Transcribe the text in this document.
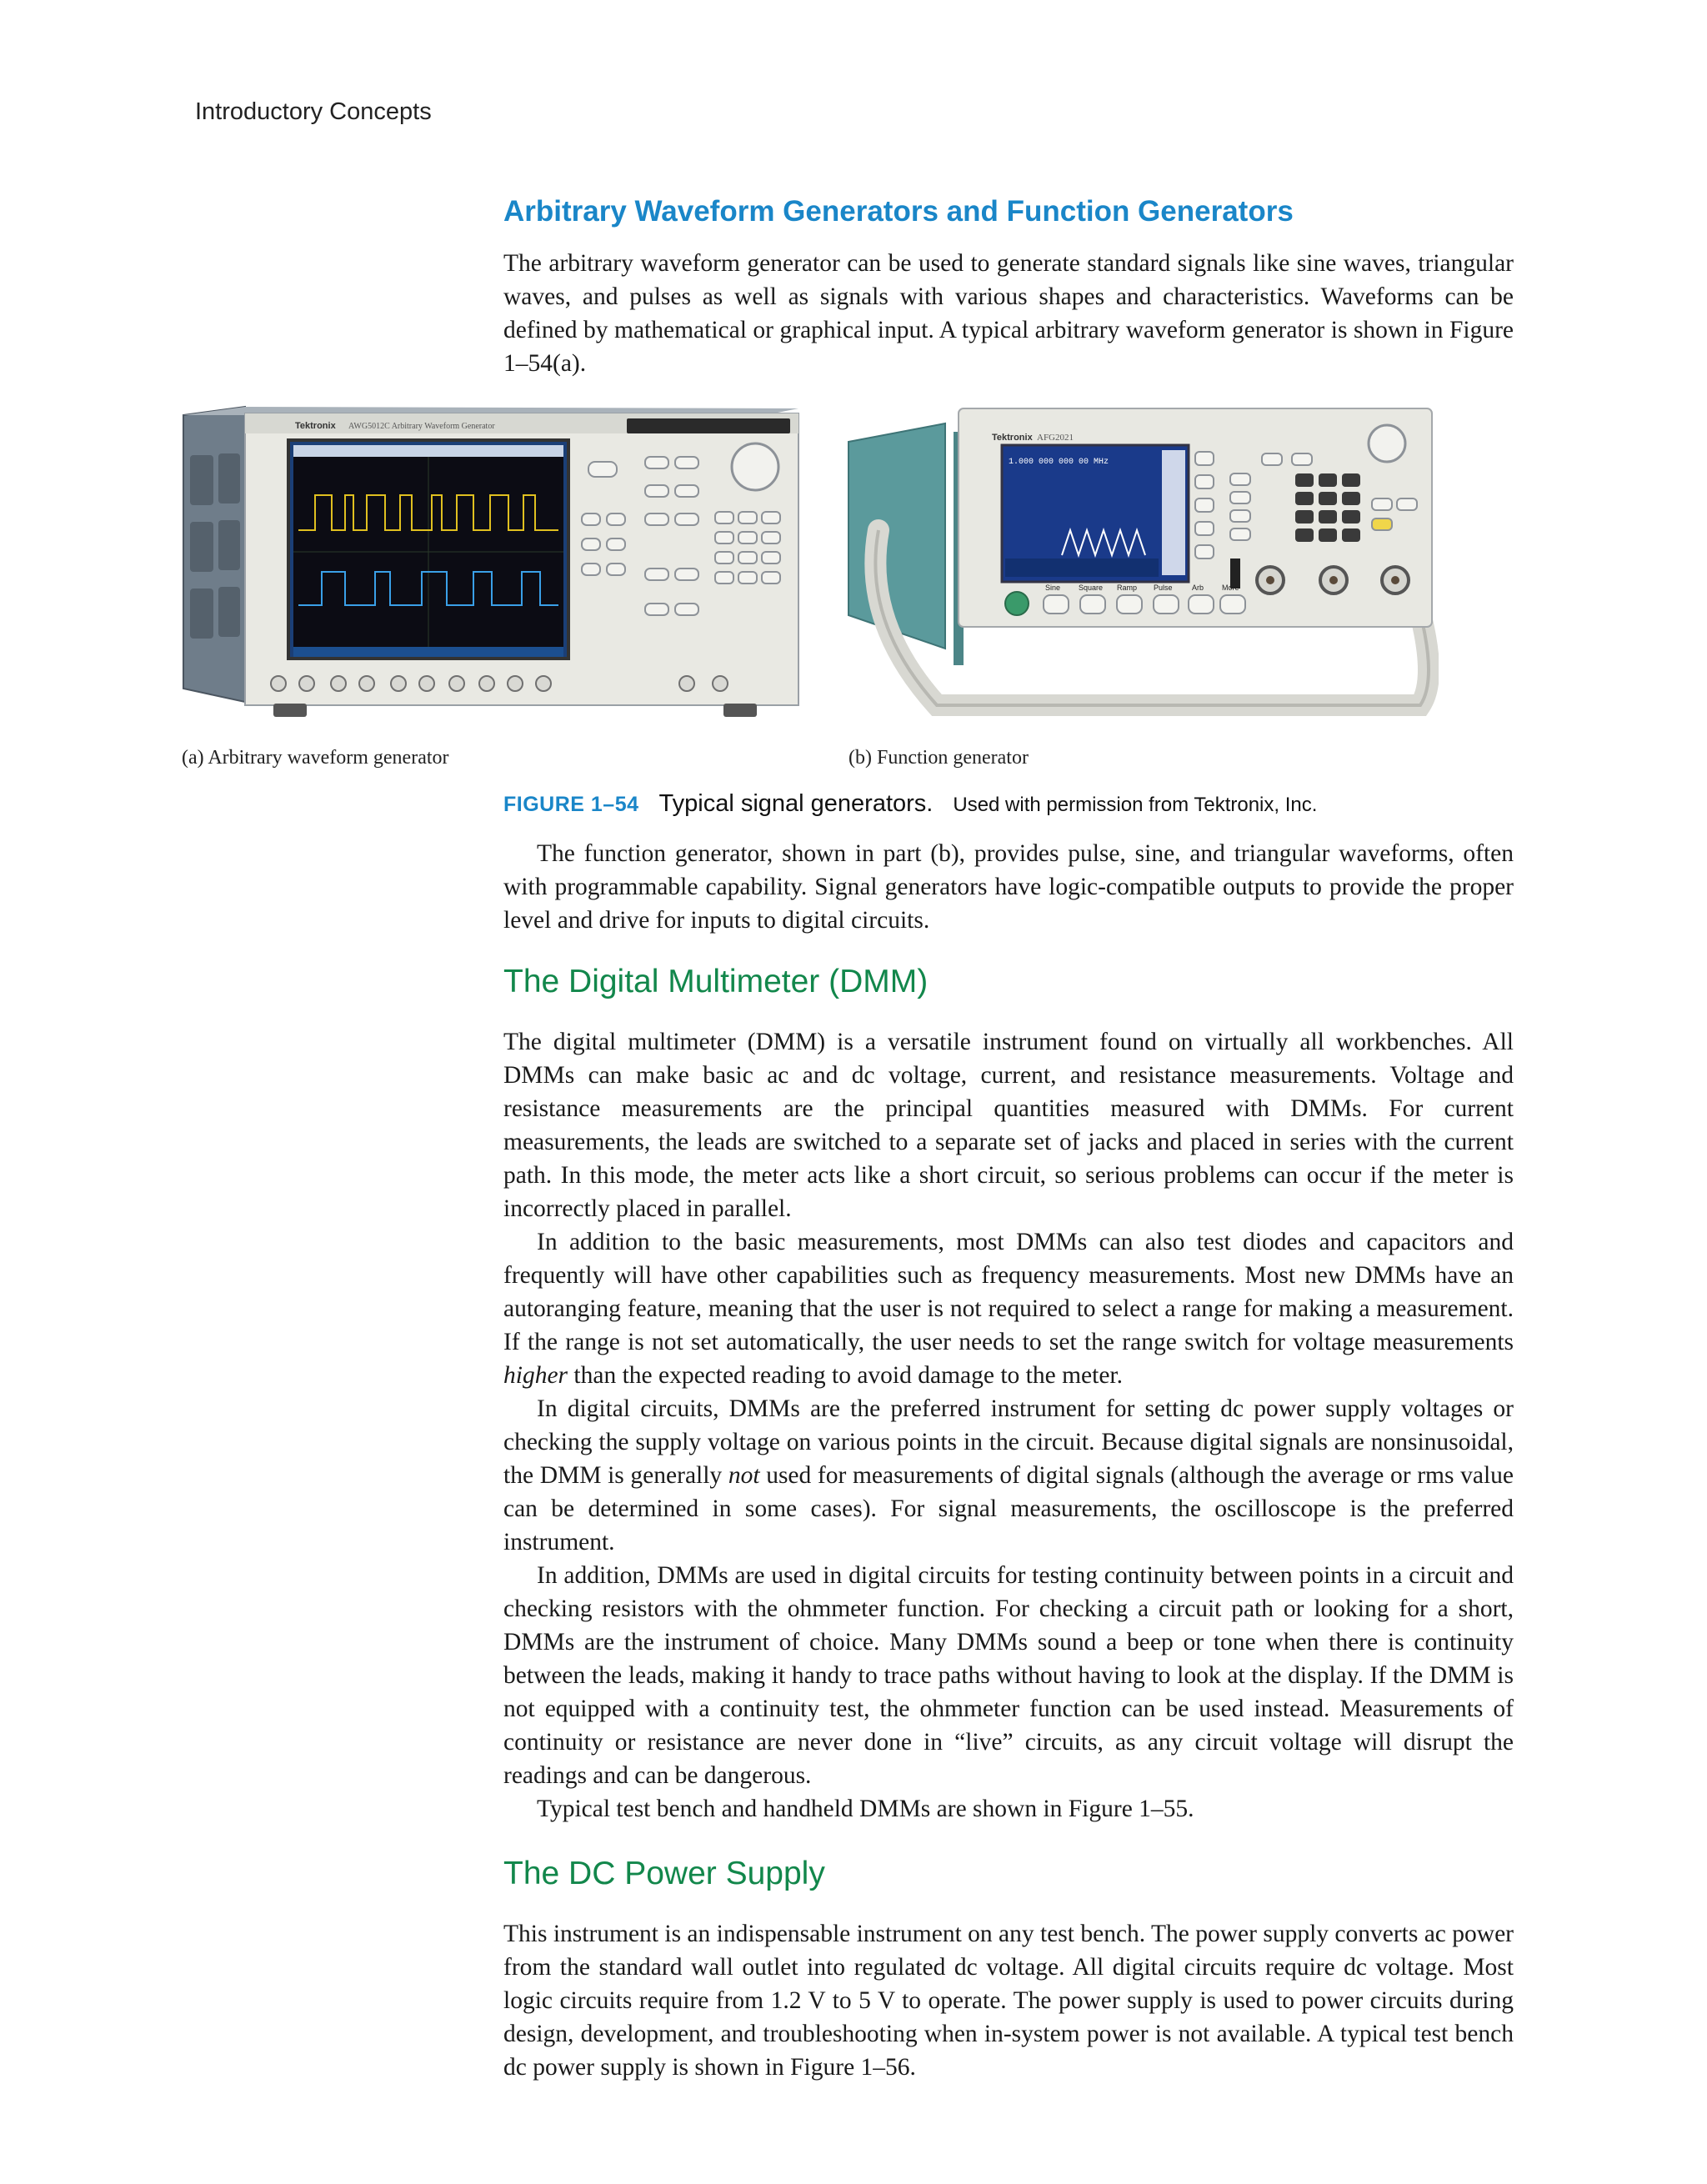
Introductory Concepts
Arbitrary Waveform Generators and Function Generators

The arbitrary waveform generator can be used to generate standard signals like sine waves, triangular waves, and pulses as well as signals with various shapes and characteristics. Waveforms can be defined by mathematical or graphical input. A typical arbitrary waveform generator is shown in Figure 1–54(a).

Tektronix AWG5012C Arbitrary Waveform Generator
Tektronix AFG2021
1.000 000 000 00 MHz
Sine Square Ramp Pulse	Arb More
(a) Arbitrary waveform generator	(b) Function generator
FIGURE 1–54 Typical signal generators. Used with permission from Tektronix, Inc.

The function generator, shown in part (b), provides pulse, sine, and triangular waveforms, often with programmable capability. Signal generators have logic-compatible outputs to provide the proper level and drive for inputs to digital circuits.

The Digital Multimeter (DMM)

The digital multimeter (DMM) is a versatile instrument found on virtually all workbenches. All DMMs can make basic ac and dc voltage, current, and resistance measurements. Voltage and resistance measurements are the principal quantities measured with DMMs. For current measurements, the leads are switched to a separate set of jacks and placed in series with the current path. In this mode, the meter acts like a short circuit, so serious problems can occur if the meter is incorrectly placed in parallel.

In addition to the basic measurements, most DMMs can also test diodes and capacitors and frequently will have other capabilities such as frequency measurements. Most new DMMs have an autoranging feature, meaning that the user is not required to select a range for making a measurement. If the range is not set automatically, the user needs to set the range switch for voltage measurements higher than the expected reading to avoid damage to the meter.

In digital circuits, DMMs are the preferred instrument for setting dc power supply voltages or checking the supply voltage on various points in the circuit. Because digital signals are nonsinusoidal, the DMM is generally not used for measurements of digital signals (although the average or rms value can be determined in some cases). For signal measurements, the oscilloscope is the preferred instrument.

In addition, DMMs are used in digital circuits for testing continuity between points in a circuit and checking resistors with the ohmmeter function. For checking a circuit path or looking for a short, DMMs are the instrument of choice. Many DMMs sound a beep or tone when there is continuity between the leads, making it handy to trace paths without having to look at the display. If the DMM is not equipped with a continuity test, the ohmmeter function can be used instead. Measurements of continuity or resistance are never done in “live” circuits, as any circuit voltage will disrupt the readings and can be dangerous.

Typical test bench and handheld DMMs are shown in Figure 1–55.

The DC Power Supply

This instrument is an indispensable instrument on any test bench. The power supply converts ac power from the standard wall outlet into regulated dc voltage. All digital circuits require dc voltage. Most logic circuits require from 1.2 V to 5 V to operate. The power supply is used to power circuits during design, development, and troubleshooting when in-system power is not available. A typical test bench dc power supply is shown in Figure 1–56.
